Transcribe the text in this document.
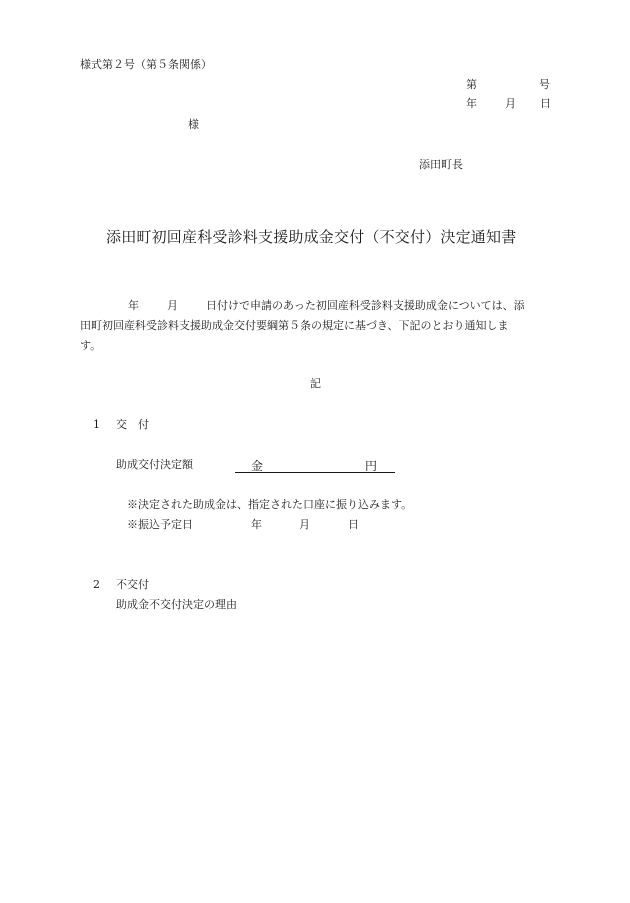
様式第２号（第５条関係）
第	号
年	月 日
様
添田町長
添田町初回産科受診料支援助成金交付（不交付）決定通知書
年	月	日付けで申請のあった初回産科受診料支援助成金については、添
田町初回産科受診料支援助成金交付要綱第５条の規定に基づき、下記のとおり通知しま
す。
記
1 交付
助成交付決定額	金	円
※決定された助成金は、指定された口座に振り込みます。
※振込予定日	年	月	日
2 不交付
助成金不交付決定の理由
